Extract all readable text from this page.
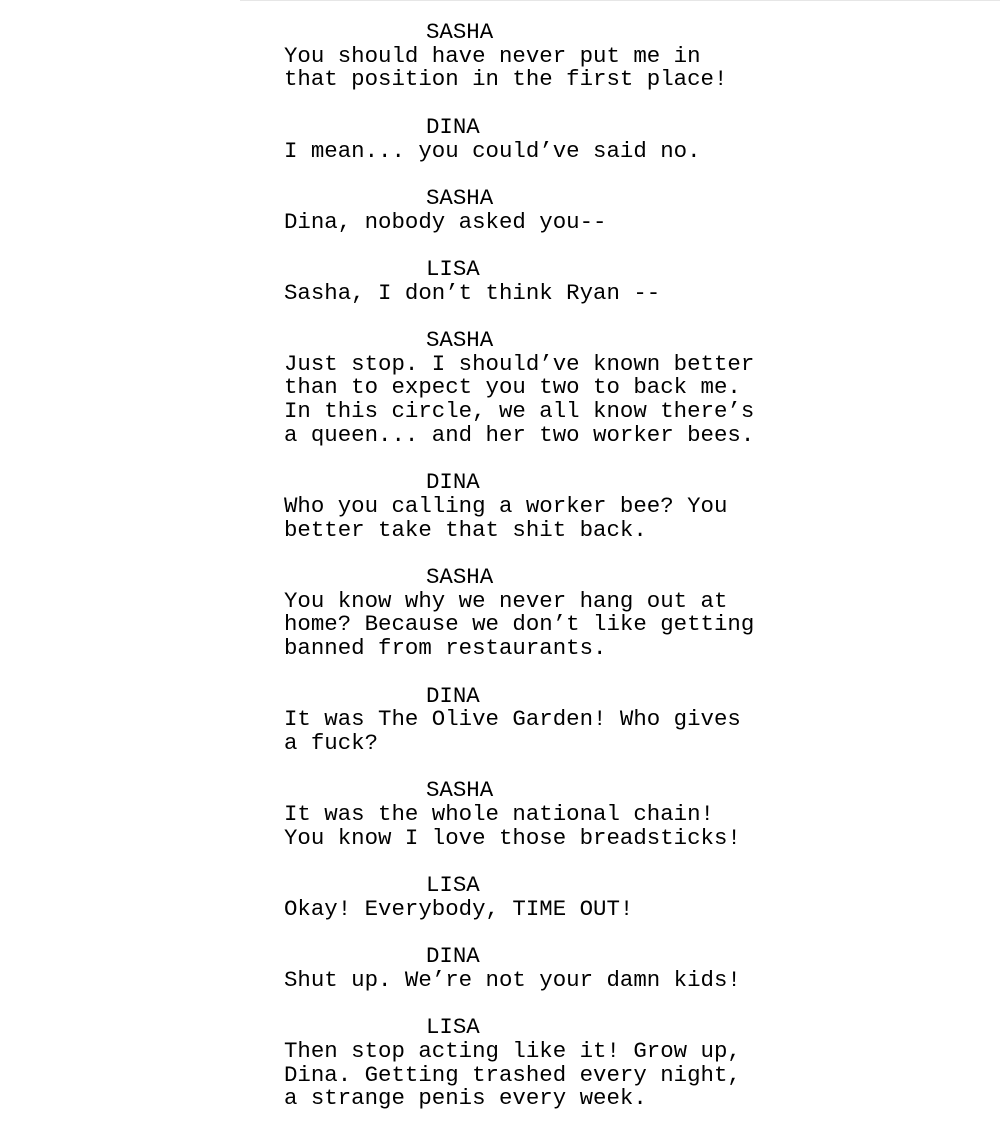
SASHA
You should have never put me in
that position in the first place!
DINA
I mean... you could’ve said no.
SASHA
Dina, nobody asked you--
LISA
Sasha, I don’t think Ryan --
SASHA
Just stop. I should’ve known better
than to expect you two to back me.
In this circle, we all know there’s
a queen... and her two worker bees.
DINA
Who you calling a worker bee? You
better take that shit back.
SASHA
You know why we never hang out at
home? Because we don’t like getting
banned from restaurants.
DINA
It was The Olive Garden! Who gives
a fuck?
SASHA
It was the whole national chain!
You know I love those breadsticks!
LISA
Okay! Everybody, TIME OUT!
DINA
Shut up. We’re not your damn kids!
LISA
Then stop acting like it! Grow up,
Dina. Getting trashed every night,
a strange penis every week.
